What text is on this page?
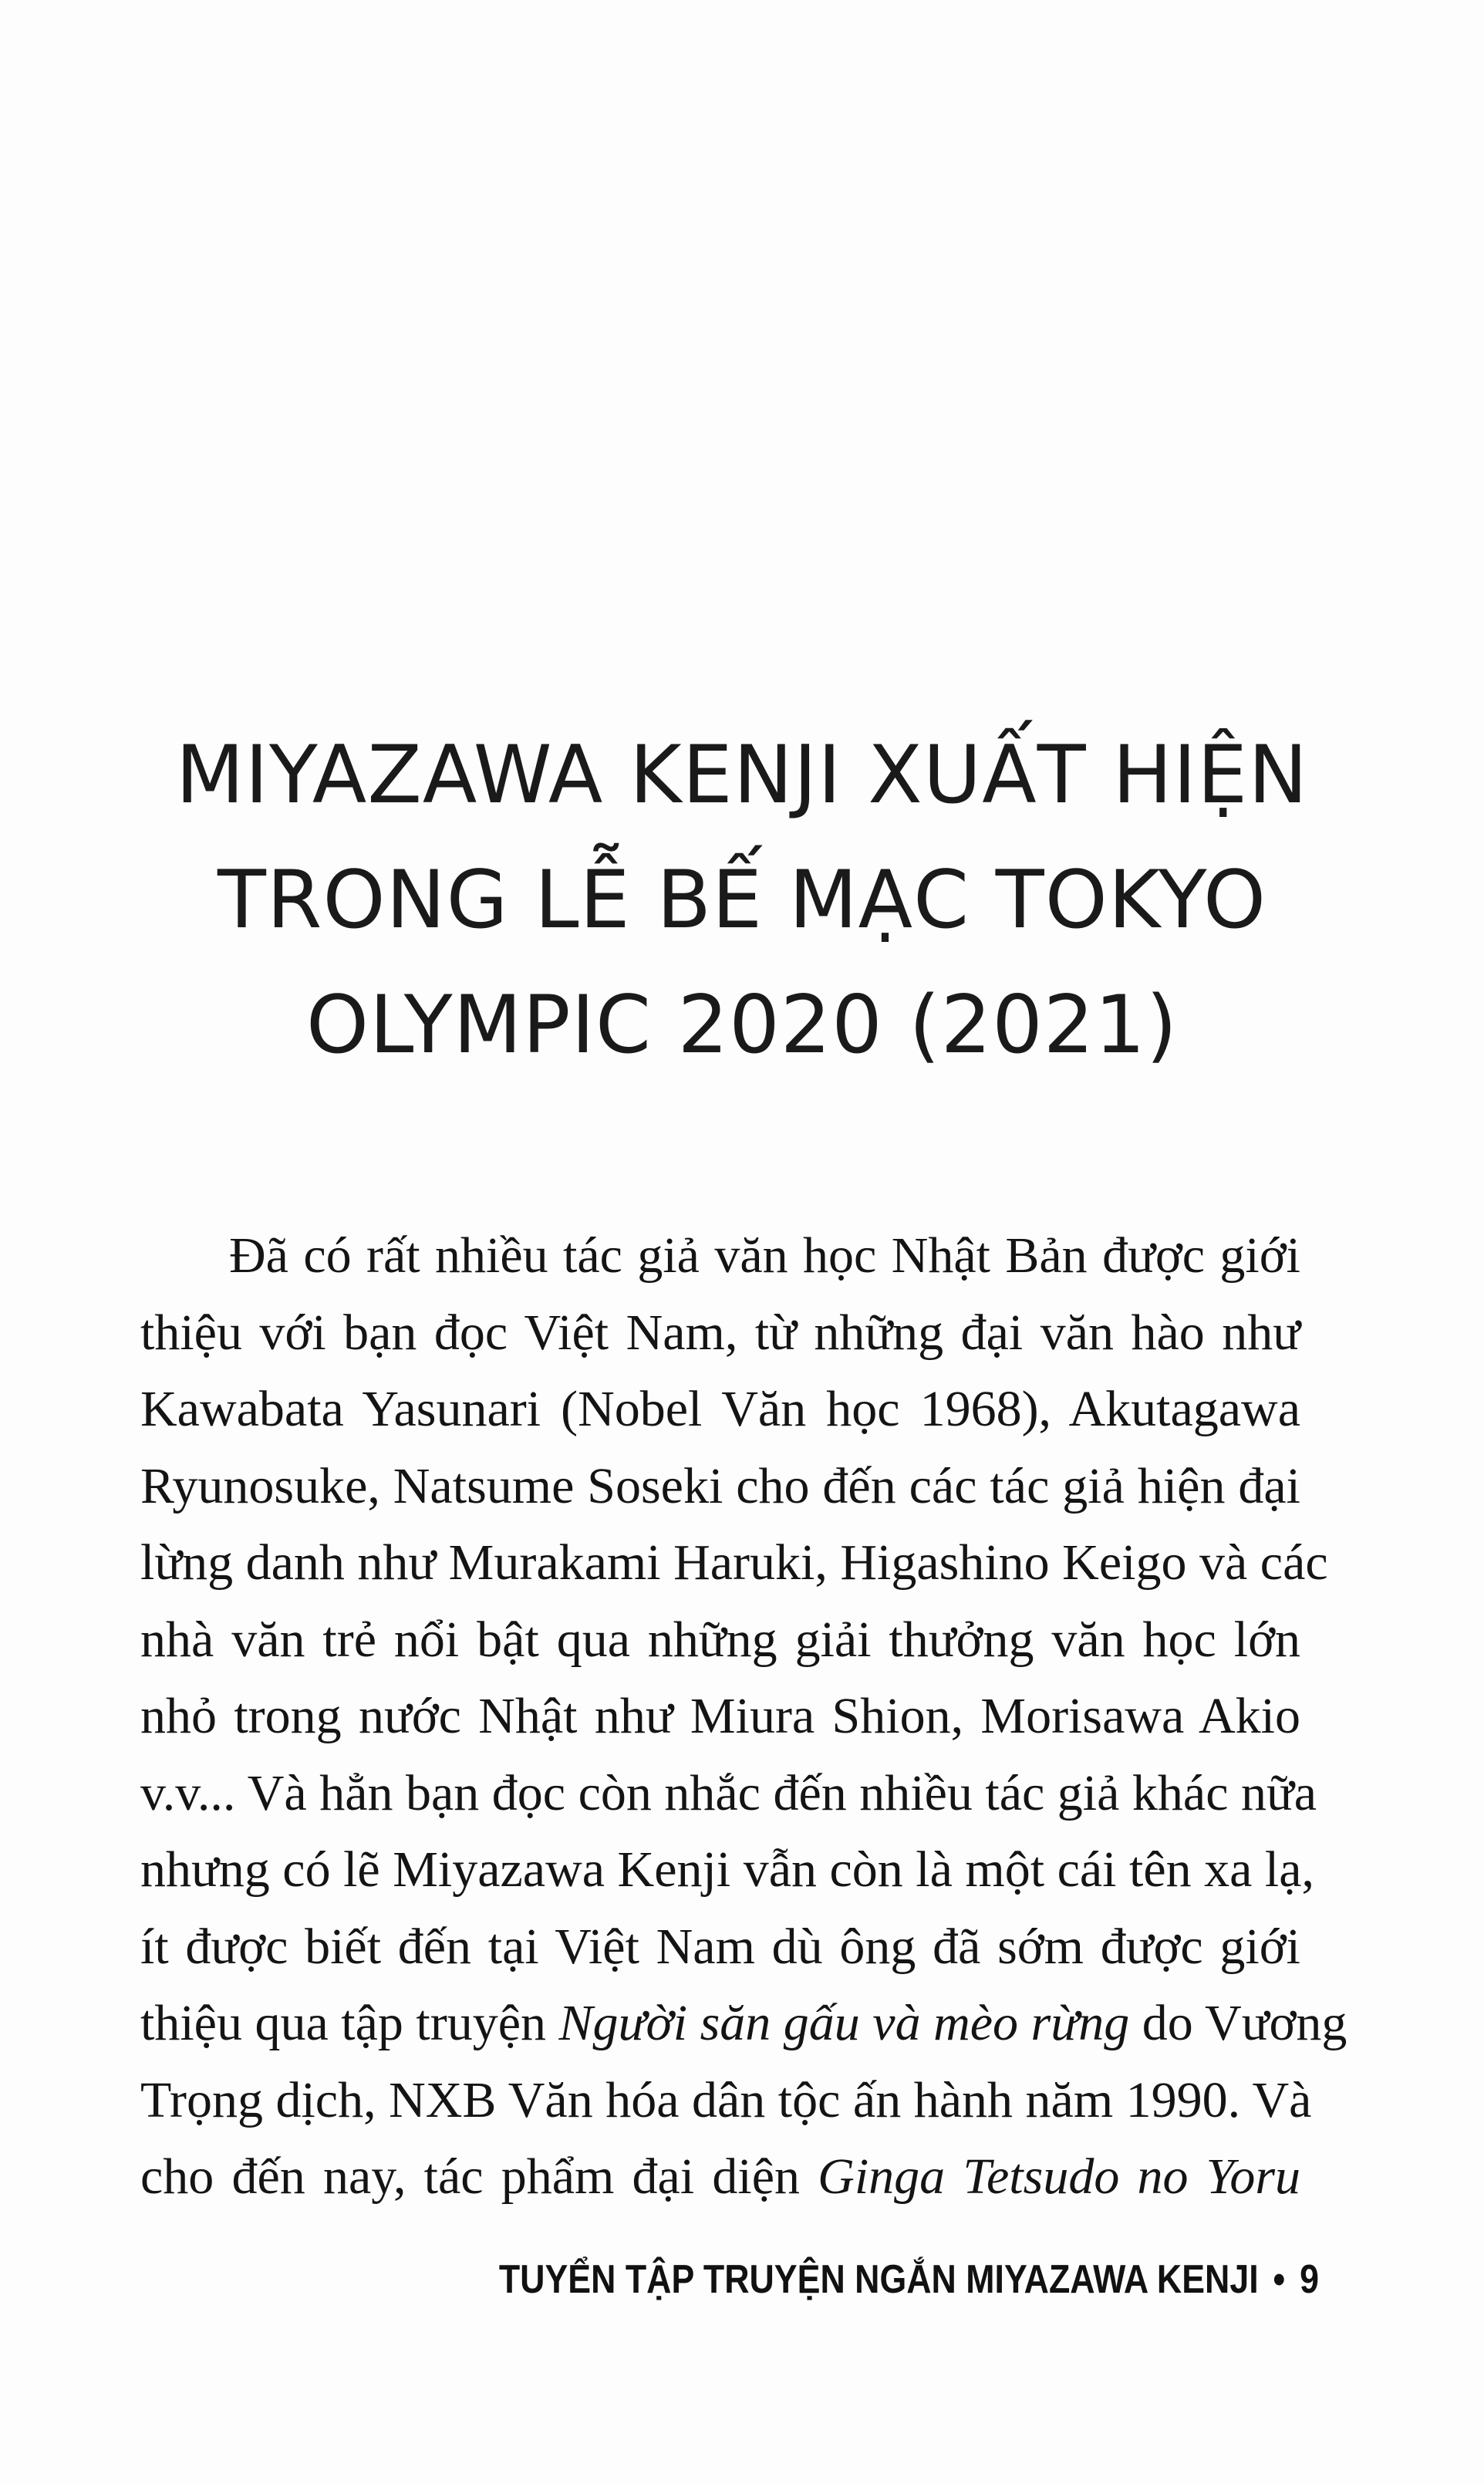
MIYAZAWA KENJI XUẤT HIỆN
TRONG LỄ BẾ MẠC TOKYO
OLYMPIC 2020 (2021)
Đã có rất nhiều tác giả văn học Nhật Bản được giới
thiệu với bạn đọc Việt Nam, từ những đại văn hào như
Kawabata Yasunari (Nobel Văn học 1968), Akutagawa
Ryunosuke, Natsume Soseki cho đến các tác giả hiện đại
lừng danh như Murakami Haruki, Higashino Keigo và các
nhà văn trẻ nổi bật qua những giải thưởng văn học lớn
nhỏ trong nước Nhật như Miura Shion, Morisawa Akio
v.v... Và hẳn bạn đọc còn nhắc đến nhiều tác giả khác nữa
nhưng có lẽ Miyazawa Kenji vẫn còn là một cái tên xa lạ,
ít được biết đến tại Việt Nam dù ông đã sớm được giới
thiệu qua tập truyện Người săn gấu và mèo rừng do Vương
Trọng dịch, NXB Văn hóa dân tộc ấn hành năm 1990. Và
cho đến nay, tác phẩm đại diện Ginga Tetsudo no Yoru
TUYỂN TẬP TRUYỆN NGẮN MIYAZAWA KENJI • 9
